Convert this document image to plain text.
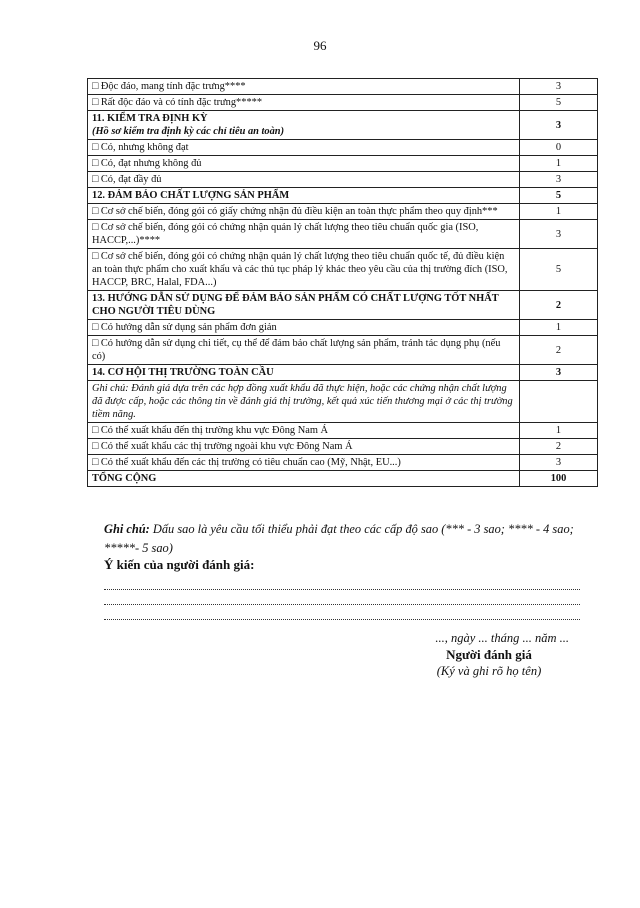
96
□ Độc đáo, mang tính đặc trưng****	3

□ Rất độc đáo và có tính đặc trưng*****	5

11. KIỂM TRA ĐỊNH KỲ
(Hồ sơ kiểm tra định kỳ các chỉ tiêu an toàn)	3

□ Có, nhưng không đạt	0

□ Có, đạt nhưng không đủ	1

□ Có, đạt đầy đủ	3

12. ĐẢM BẢO CHẤT LƯỢNG SẢN PHẨM	5

□ Cơ sở chế biến, đóng gói có giấy chứng nhận đủ điều kiện an toàn thực phẩm theo quy định***	1

□ Cơ sở chế biến, đóng gói có chứng nhận quản lý chất lượng theo tiêu chuẩn quốc gia (ISO, HACCP,...)****	3

□ Cơ sở chế biến, đóng gói có chứng nhận quản lý chất lượng theo tiêu chuẩn quốc tế, đủ điều kiện an toàn thực phẩm cho xuất khẩu và các thủ tục pháp lý khác theo yêu cầu của thị trường đích (ISO, HACCP, BRC, Halal, FDA...)	5

13. HƯỚNG DẪN SỬ DỤNG ĐỂ ĐẢM BẢO SẢN PHẨM CÓ CHẤT LƯỢNG TỐT NHẤT CHO NGƯỜI TIÊU DÙNG	2

□ Có hướng dẫn sử dụng sản phẩm đơn giản	1

□ Có hướng dẫn sử dụng chi tiết, cụ thể để đảm bảo chất lượng sản phẩm, tránh tác dụng phụ (nếu có)	2

14. CƠ HỘI THỊ TRƯỜNG TOÀN CẦU	3

Ghi chú: Đánh giá dựa trên các hợp đồng xuất khẩu đã thực hiện, hoặc các chứng nhận chất lượng đã được cấp, hoặc các thông tin về đánh giá thị trường, kết quả xúc tiến thương mại ở các thị trường tiềm năng.	

□ Có thể xuất khẩu đến thị trường khu vực Đông Nam Á	1

□ Có thể xuất khẩu các thị trường ngoài khu vực Đông Nam Á	2

□ Có thể xuất khẩu đến các thị trường có tiêu chuẩn cao (Mỹ, Nhật, EU...)	3

TỔNG CỘNG	100
Ghi chú: Dấu sao là yêu cầu tối thiểu phải đạt theo các cấp độ sao (*** - 3 sao; **** - 4 sao; *****- 5 sao)
Ý kiến của người đánh giá:
..., ngày ... tháng ... năm ...
Người đánh giá
(Ký và ghi rõ họ tên)
